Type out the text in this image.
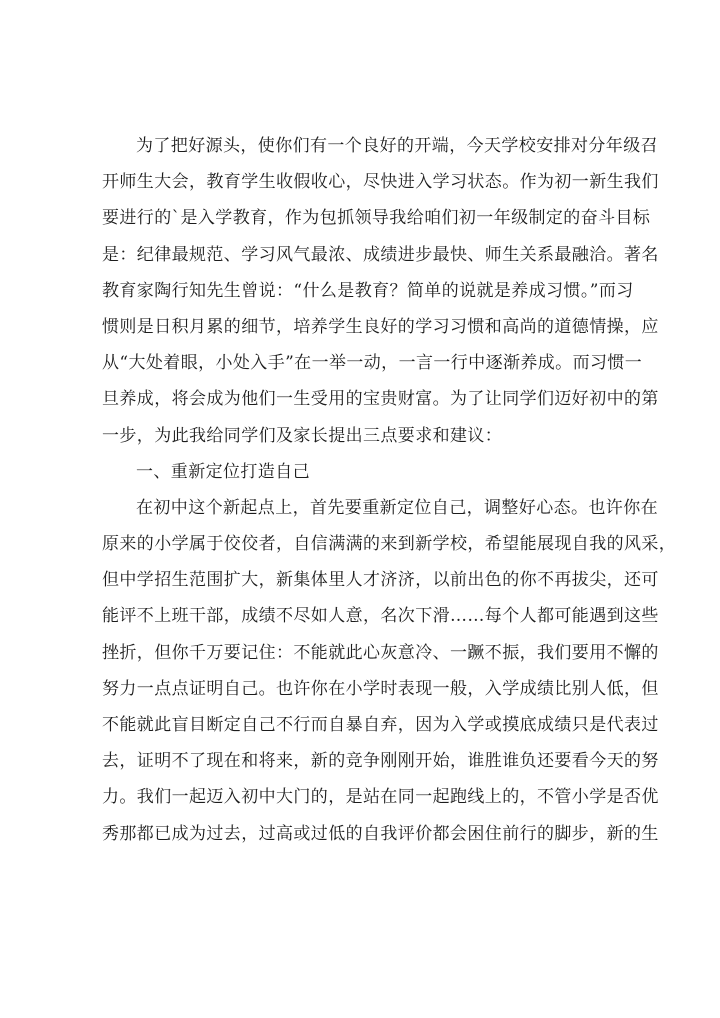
为了把好源头，使你们有一个良好的开端，今天学校安排对分年级召
开师生大会，教育学生收假收心，尽快进入学习状态。作为初一新生我们
要进行的`是入学教育，作为包抓领导我给咱们初一年级制定的奋斗目标
是：纪律最规范、学习风气最浓、成绩进步最快、师生关系最融洽。著名
教育家陶行知先生曾说：“什么是教育？简单的说就是养成习惯。”而习
惯则是日积月累的细节，培养学生良好的学习习惯和高尚的道德情操，应
从“大处着眼，小处入手”在一举一动，一言一行中逐渐养成。而习惯一
旦养成，将会成为他们一生受用的宝贵财富。为了让同学们迈好初中的第
一步，为此我给同学们及家长提出三点要求和建议：
一、重新定位打造自己
在初中这个新起点上，首先要重新定位自己，调整好心态。也许你在
原来的小学属于佼佼者，自信满满的来到新学校，希望能展现自我的风采，
但中学招生范围扩大，新集体里人才济济，以前出色的你不再拔尖，还可
能评不上班干部，成绩不尽如人意，名次下滑……每个人都可能遇到这些
挫折，但你千万要记住：不能就此心灰意冷、一蹶不振，我们要用不懈的
努力一点点证明自己。也许你在小学时表现一般，入学成绩比别人低，但
不能就此盲目断定自己不行而自暴自弃，因为入学或摸底成绩只是代表过
去，证明不了现在和将来，新的竞争刚刚开始，谁胜谁负还要看今天的努
力。我们一起迈入初中大门的，是站在同一起跑线上的，不管小学是否优
秀那都已成为过去，过高或过低的自我评价都会困住前行的脚步，新的生
